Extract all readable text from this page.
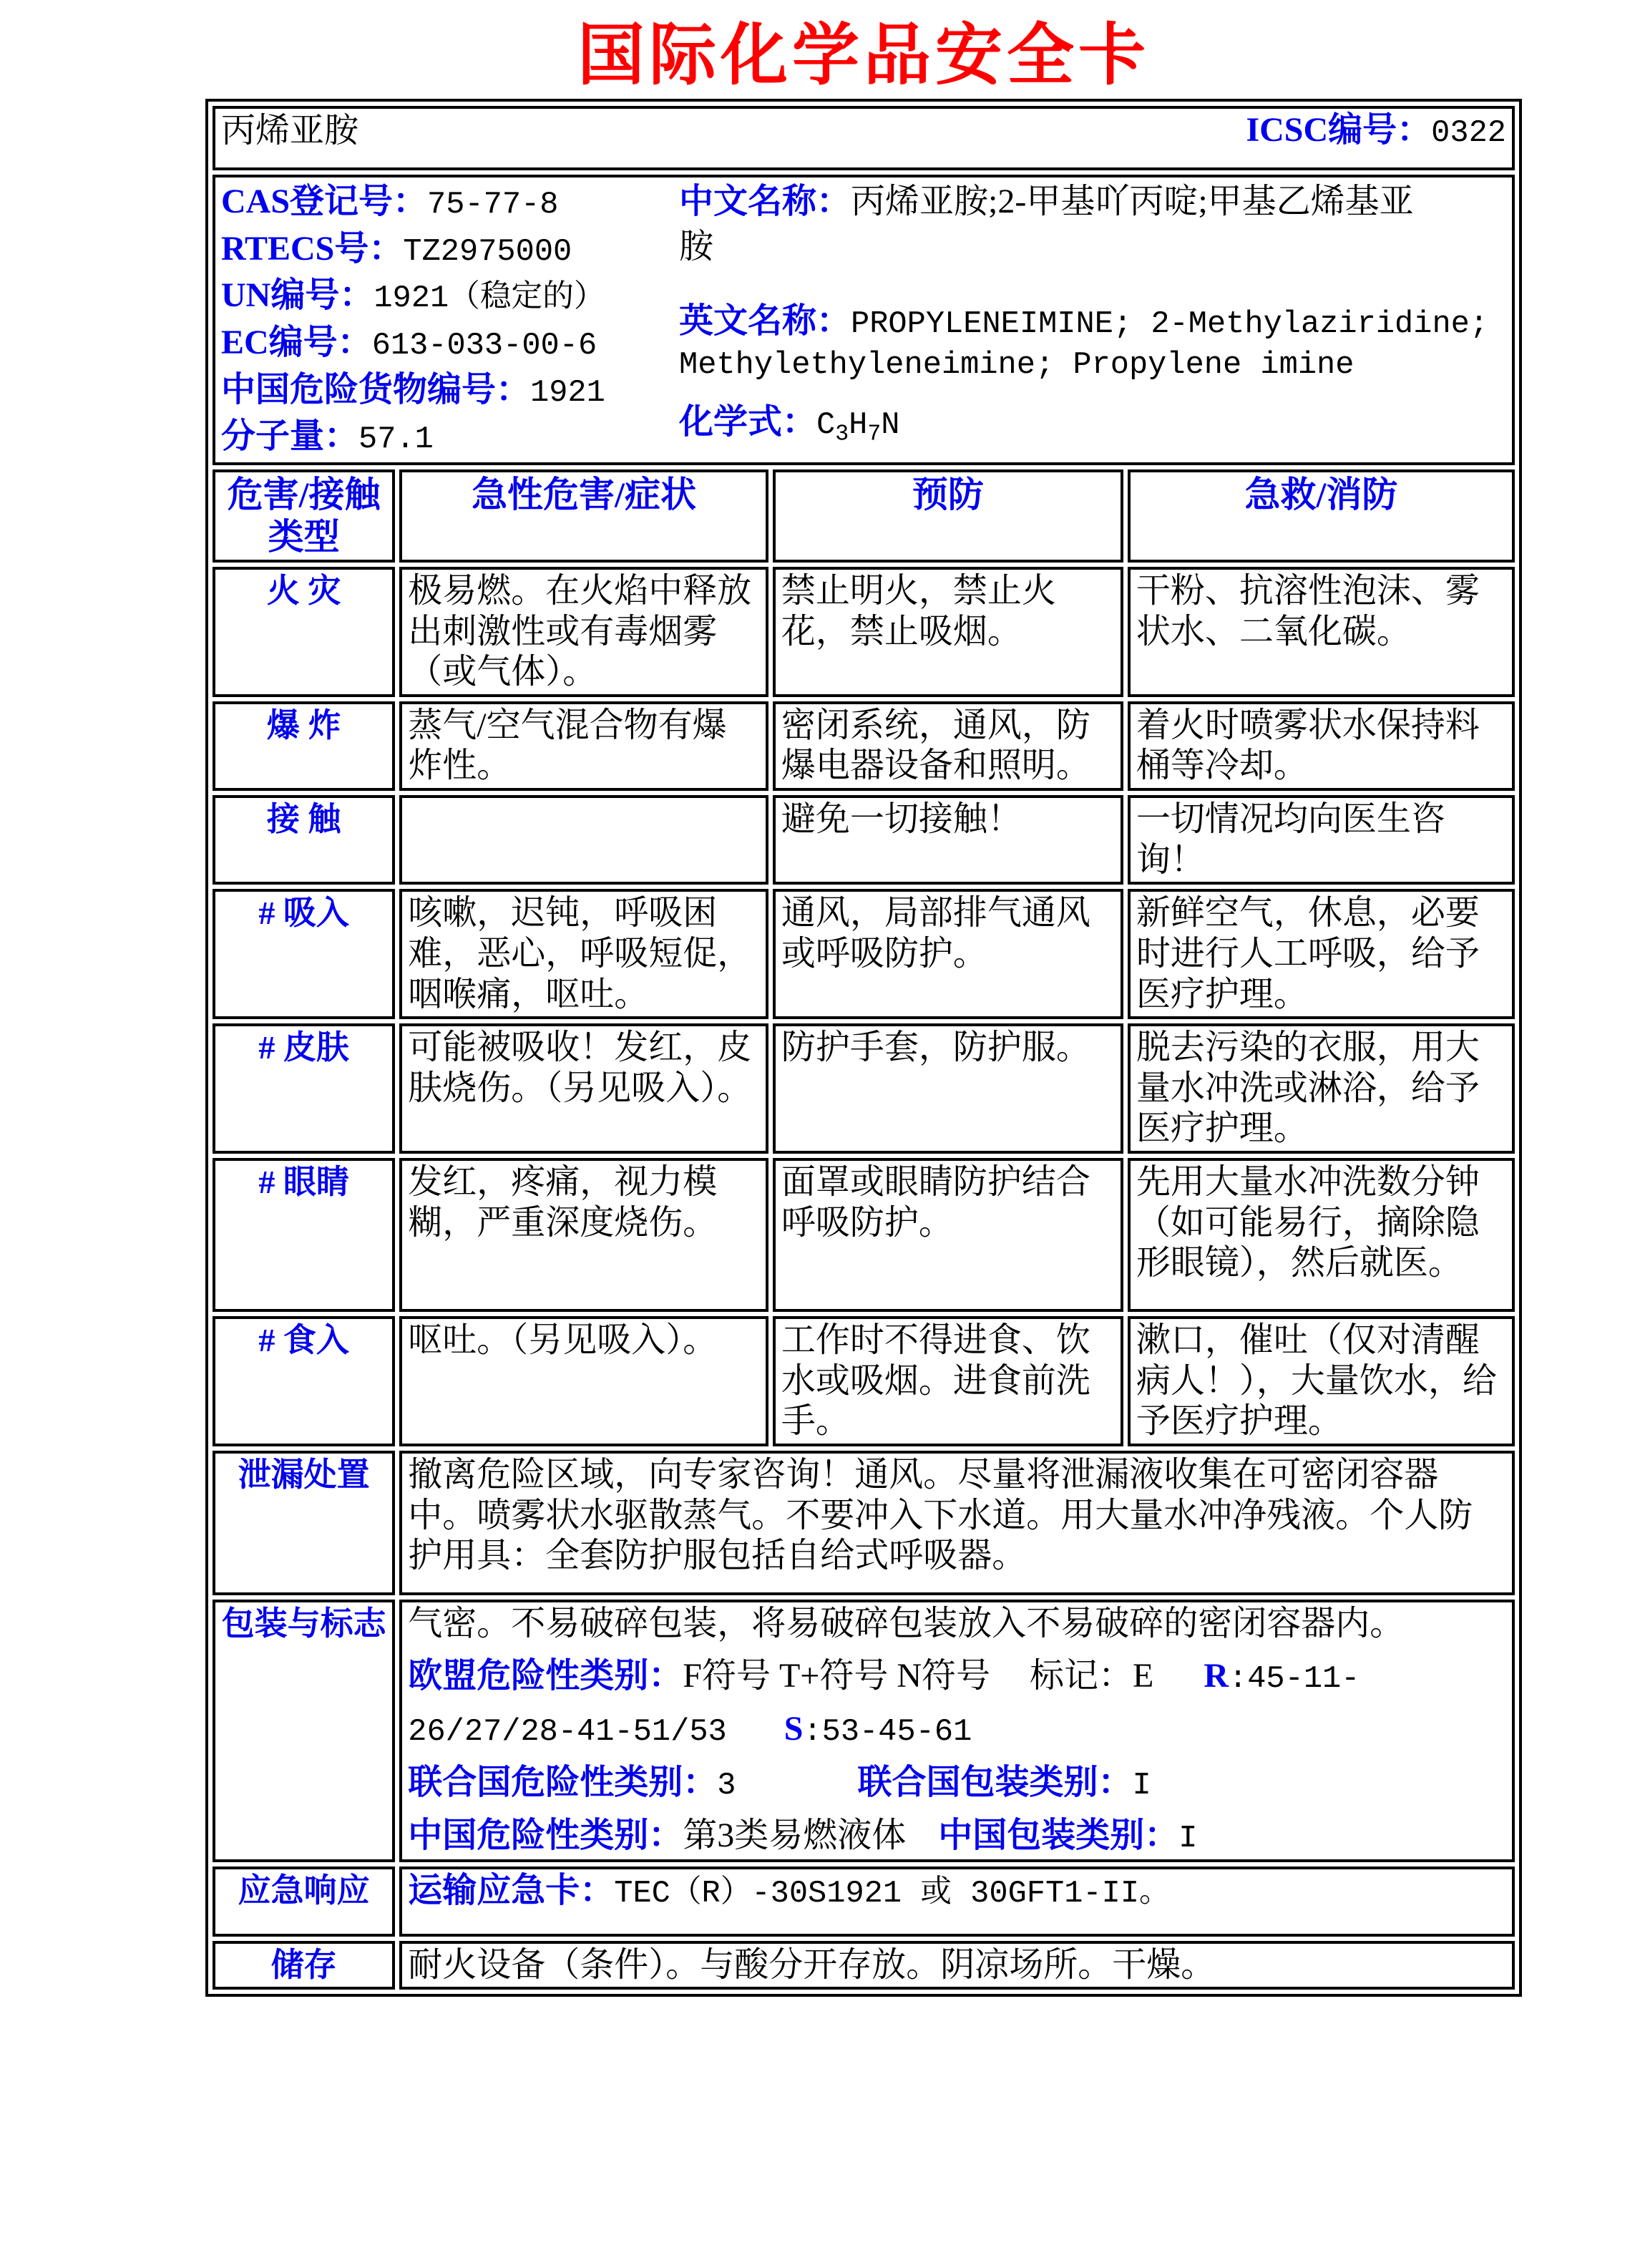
国际化学品安全卡
丙烯亚胺 ICSC编号：0322			

CAS登记号：75-77-8
RTECS号：TZ2975000
UN编号：1921（稳定的）
EC编号：613-033-00-6
中国危险货物编号：1921
分子量：57.1
中文名称：丙烯亚胺;2-甲基吖丙啶;甲基乙烯基亚
胺
英文名称：PROPYLENEIMINE; 2-Methylaziridine;
Methylethyleneimine; Propylene imine
化学式：$C_3H_7N$

危害/接触
类型	急性危害/症状	预防	急救/消防
火 灾	极易燃。在火焰中释放出刺激性或有毒烟雾（或气体）。	禁止明火，禁止火花，禁止吸烟。	干粉、抗溶性泡沫、雾状水、二氧化碳。
爆 炸	蒸气/空气混合物有爆炸性。	密闭系统，通风，防爆电器设备和照明。	着火时喷雾状水保持料桶等冷却。
接 触		避免一切接触！	一切情况均向医生咨询！
# 吸入	咳嗽，迟钝，呼吸困难，恶心，呼吸短促，咽喉痛，呕吐。	通风，局部排气通风或呼吸防护。	新鲜空气，休息，必要时进行人工呼吸，给予医疗护理。
# 皮肤	可能被吸收！发红，皮肤烧伤。（另见吸入）。	防护手套，防护服。	脱去污染的衣服，用大量水冲洗或淋浴，给予医疗护理。
# 眼睛	发红，疼痛，视力模糊，严重深度烧伤。	面罩或眼睛防护结合呼吸防护。	先用大量水冲洗数分钟（如可能易行，摘除隐形眼镜），然后就医。
# 食入	呕吐。（另见吸入）。	工作时不得进食、饮水或吸烟。进食前洗手。	漱口，催吐（仅对清醒病人！），大量饮水，给予医疗护理。
泄漏处置	撤离危险区域，向专家咨询！通风。尽量将泄漏液收集在可密闭容器中。喷雾状水驱散蒸气。不要冲入下水道。用大量水冲净残液。个人防护用具：全套防护服包括自给式呼吸器。		
包装与标志	气密。不易破碎包装，将易破碎包装放入不易破碎的密闭容器内。
欧盟危险性类别：F符号 T+符号 N符号 标记：E R:45-11-
26/27/28-41-51/53 S:53-45-61
联合国危险性类别：3 联合国包装类别：I
中国危险性类别：第3类易燃液体 中国包装类别：I		

应急响应	运输应急卡：TEC（R）-30S1921 或 30GFT1-II。		
储存	耐火设备（条件）。与酸分开存放。阴凉场所。干燥。		
